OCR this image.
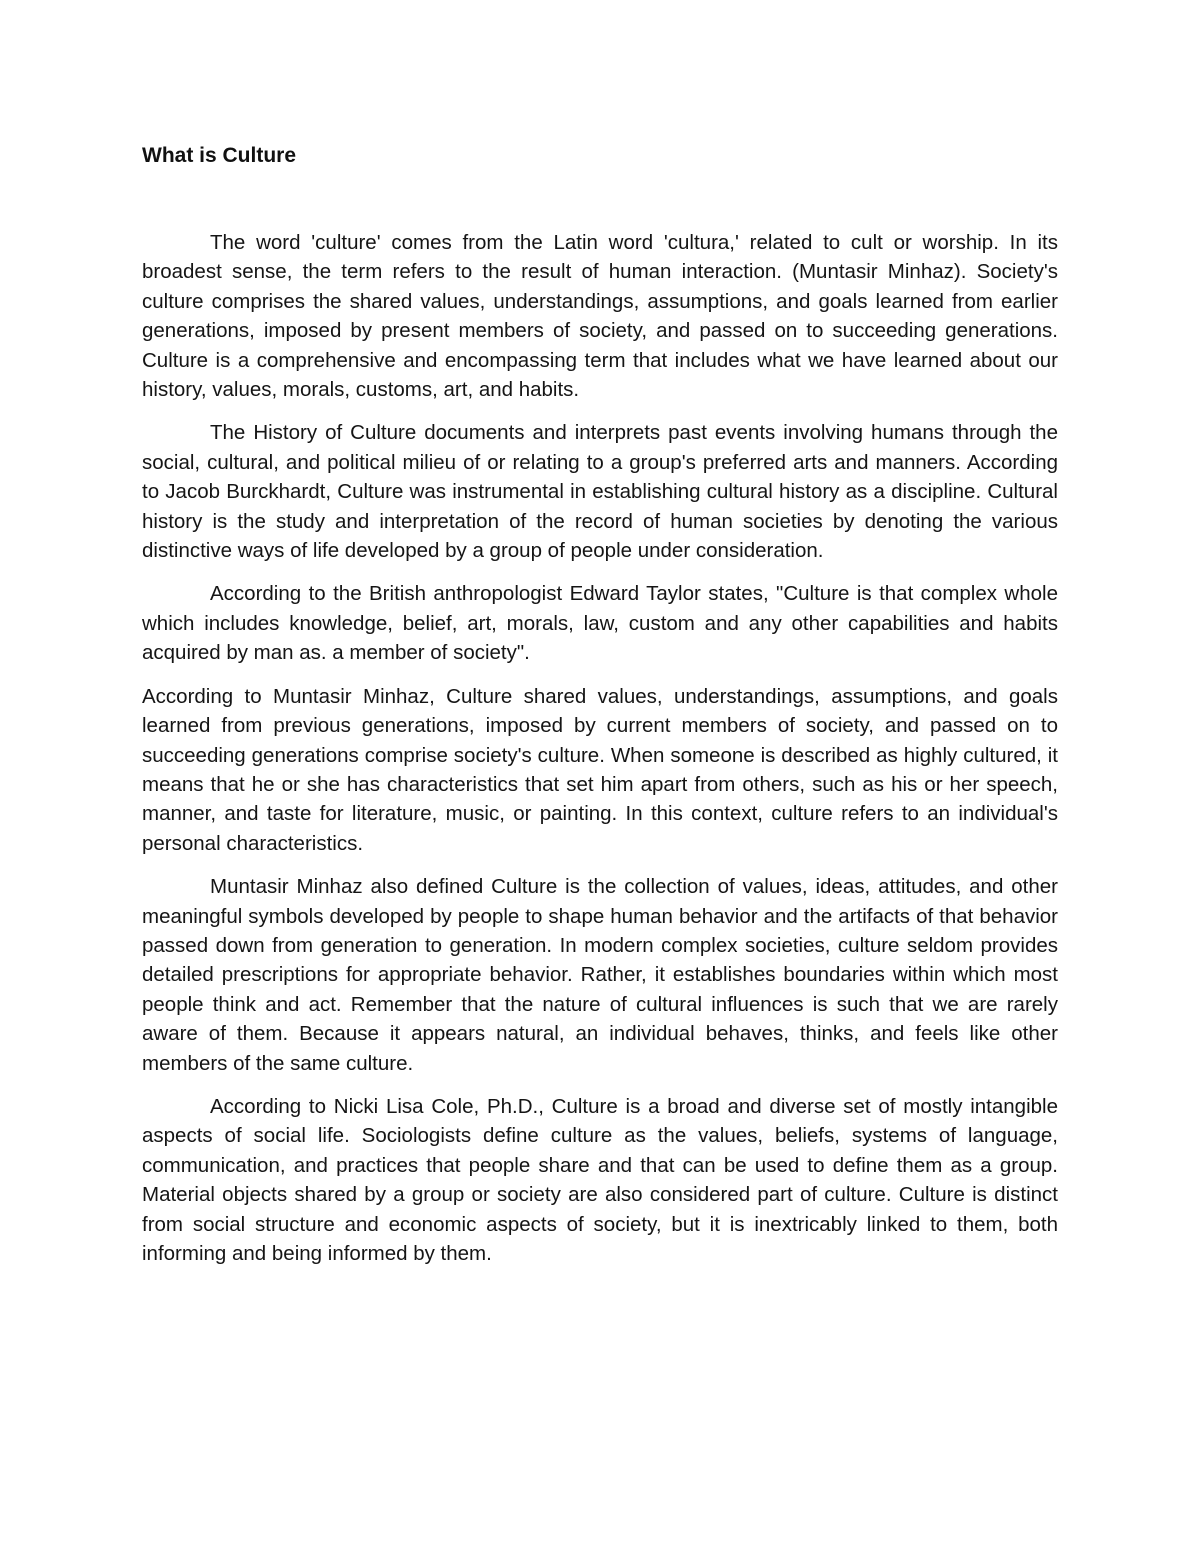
What is Culture

The word 'culture' comes from the Latin word 'cultura,' related to cult or worship. In its broadest sense, the term refers to the result of human interaction. (Muntasir Minhaz). Society's culture comprises the shared values, understandings, assumptions, and goals learned from earlier generations, imposed by present members of society, and passed on to succeeding generations. Culture is a comprehensive and encompassing term that includes what we have learned about our history, values, morals, customs, art, and habits.

The History of Culture documents and interprets past events involving humans through the social, cultural, and political milieu of or relating to a group's preferred arts and manners. According to Jacob Burckhardt, Culture was instrumental in establishing cultural history as a discipline. Cultural history is the study and interpretation of the record of human societies by denoting the various distinctive ways of life developed by a group of people under consideration.

According to the British anthropologist Edward Taylor states, "Culture is that complex whole which includes knowledge, belief, art, morals, law, custom and any other capabilities and habits acquired by man as. a member of society".

According to Muntasir Minhaz, Culture shared values, understandings, assumptions, and goals learned from previous generations, imposed by current members of society, and passed on to succeeding generations comprise society's culture. When someone is described as highly cultured, it means that he or she has characteristics that set him apart from others, such as his or her speech, manner, and taste for literature, music, or painting. In this context, culture refers to an individual's personal characteristics.

Muntasir Minhaz also defined Culture is the collection of values, ideas, attitudes, and other meaningful symbols developed by people to shape human behavior and the artifacts of that behavior passed down from generation to generation. In modern complex societies, culture seldom provides detailed prescriptions for appropriate behavior. Rather, it establishes boundaries within which most people think and act. Remember that the nature of cultural influences is such that we are rarely aware of them. Because it appears natural, an individual behaves, thinks, and feels like other members of the same culture.

According to Nicki Lisa Cole, Ph.D., Culture is a broad and diverse set of mostly intangible aspects of social life. Sociologists define culture as the values, beliefs, systems of language, communication, and practices that people share and that can be used to define them as a group. Material objects shared by a group or society are also considered part of culture. Culture is distinct from social structure and economic aspects of society, but it is inextricably linked to them, both informing and being informed by them.
